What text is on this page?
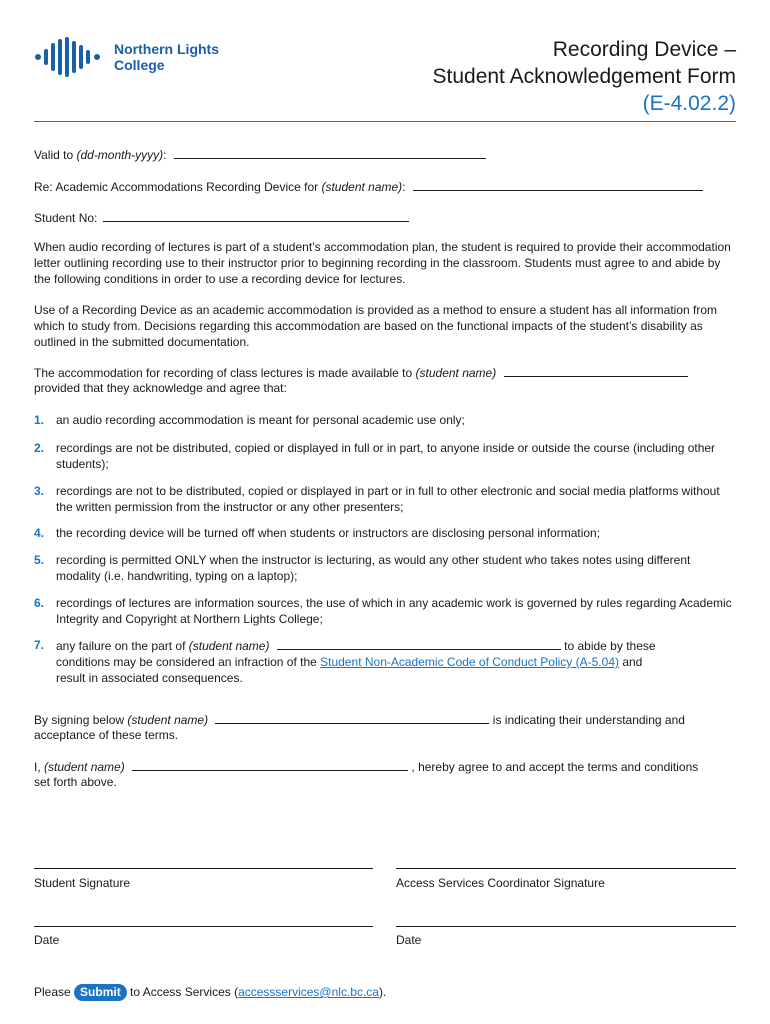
Northern Lights
College
Recording Device –
Student Acknowledgement Form
(E-4.02.2)
Valid to (dd-month-yyyy):
Re: Academic Accommodations Recording Device for (student name):
Student No:
When audio recording of lectures is part of a student’s accommodation plan, the student is required to provide their accommodation letter outlining recording use to their instructor prior to beginning recording in the classroom. Students must agree to and abide by the following conditions in order to use a recording device for lectures.
Use of a Recording Device as an academic accommodation is provided as a method to ensure a student has all information from which to study from. Decisions regarding this accommodation are based on the functional impacts of the student’s disability as outlined in the submitted documentation.
The accommodation for recording of class lectures is made available to (student name)
provided that they acknowledge and agree that:
1. an audio recording accommodation is meant for personal academic use only;
2. recordings are not be distributed, copied or displayed in full or in part, to anyone inside or outside the course (including other students);
3. recordings are not to be distributed, copied or displayed in part or in full to other electronic and social media platforms without the written permission from the instructor or any other presenters;
4. the recording device will be turned off when students or instructors are disclosing personal information;
5. recording is permitted ONLY when the instructor is lecturing, as would any other student who takes notes using different modality (i.e. handwriting, typing on a laptop);
6. recordings of lectures are information sources, the use of which in any academic work is governed by rules regarding Academic Integrity and Copyright at Northern Lights College;
7. any failure on the part of (student name)	to abide by these
conditions may be considered an infraction of the Student Non-Academic Code of Conduct Policy (A-5.04) and
result in associated consequences.
By signing below (student name)	is indicating their understanding and
acceptance of these terms.
I, (student name)	, hereby agree to and accept the terms and conditions
set forth above.
Student Signature	Access Services Coordinator Signature
Date	Date
Please Submit to Access Services (accessservices@nlc.bc.ca).
